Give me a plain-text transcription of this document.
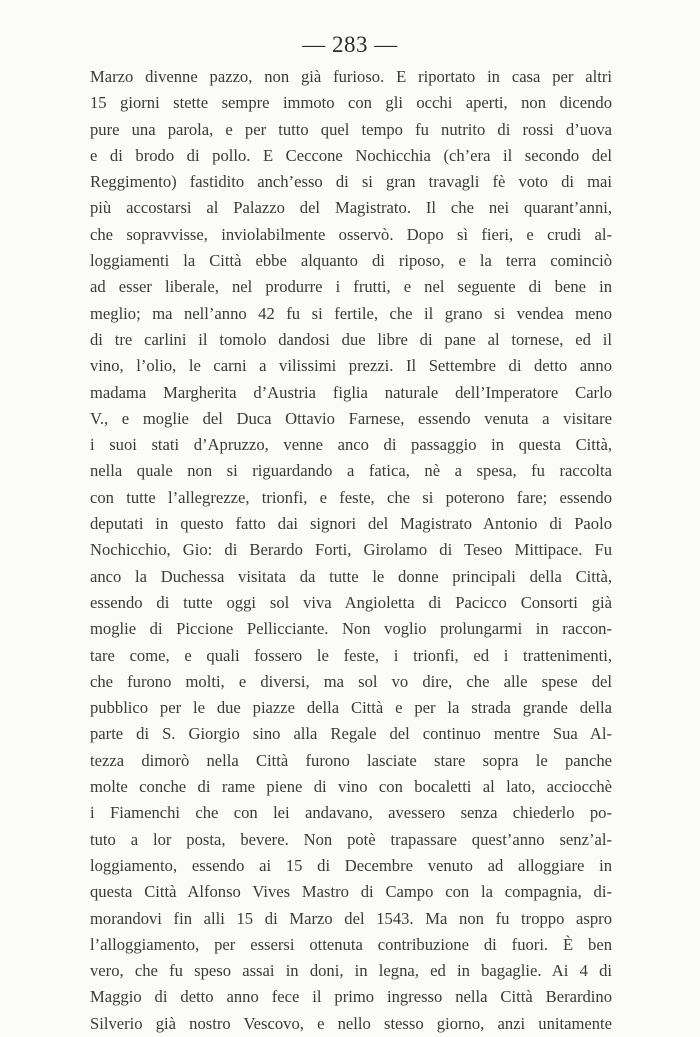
— 283 —
Marzo divenne pazzo, non già furioso. E riportato in casa per altri
15 giorni stette sempre immoto con gli occhi aperti, non dicendo
pure una parola, e per tutto quel tempo fu nutrito di rossi d’uova
e di brodo di pollo. E Ceccone Nochicchia (ch’era il secondo del
Reggimento) fastidito anch’esso di si gran travagli fè voto di mai
più accostarsi al Palazzo del Magistrato. Il che nei quarant’anni,
che sopravvisse, inviolabilmente osservò. Dopo sì fieri, e crudi al-
loggiamenti la Città ebbe alquanto di riposo, e la terra cominciò
ad esser liberale, nel produrre i frutti, e nel seguente di bene in
meglio; ma nell’anno 42 fu si fertile, che il grano si vendea meno
di tre carlini il tomolo dandosi due libre di pane al tornese, ed il
vino, l’olio, le carni a vilissimi prezzi. Il Settembre di detto anno
madama Margherita d’Austria figlia naturale dell’Imperatore Carlo
V., e moglie del Duca Ottavio Farnese, essendo venuta a visitare
i suoi stati d’Apruzzo, venne anco di passaggio in questa Città,
nella quale non si riguardando a fatica, nè a spesa, fu raccolta
con tutte l’allegrezze, trionfi, e feste, che si poterono fare; essendo
deputati in questo fatto dai signori del Magistrato Antonio di Paolo
Nochicchio, Gio: di Berardo Forti, Girolamo di Teseo Mittipace. Fu
anco la Duchessa visitata da tutte le donne principali della Città,
essendo di tutte oggi sol viva Angioletta di Pacicco Consorti già
moglie di Piccione Pellicciante. Non voglio prolungarmi in raccon-
tare come, e quali fossero le feste, i trionfi, ed i trattenimenti,
che furono molti, e diversi, ma sol vo dire, che alle spese del
pubblico per le due piazze della Città e per la strada grande della
parte di S. Giorgio sino alla Regale del continuo mentre Sua Al-
tezza dimorò nella Città furono lasciate stare sopra le panche
molte conche di rame piene di vino con bocaletti al lato, acciocchè
i Fiamenchi che con lei andavano, avessero senza chiederlo po-
tuto a lor posta, bevere. Non potè trapassare quest’anno senz’al-
loggiamento, essendo ai 15 di Decembre venuto ad alloggiare in
questa Città Alfonso Vives Mastro di Campo con la compagnia, di-
morandovi fin alli 15 di Marzo del 1543. Ma non fu troppo aspro
l’alloggiamento, per essersi ottenuta contribuzione di fuori. È ben
vero, che fu speso assai in doni, in legna, ed in bagaglie. Ai 4 di
Maggio di detto anno fece il primo ingresso nella Città Berardino
Silverio già nostro Vescovo, e nello stesso giorno, anzi unitamente
